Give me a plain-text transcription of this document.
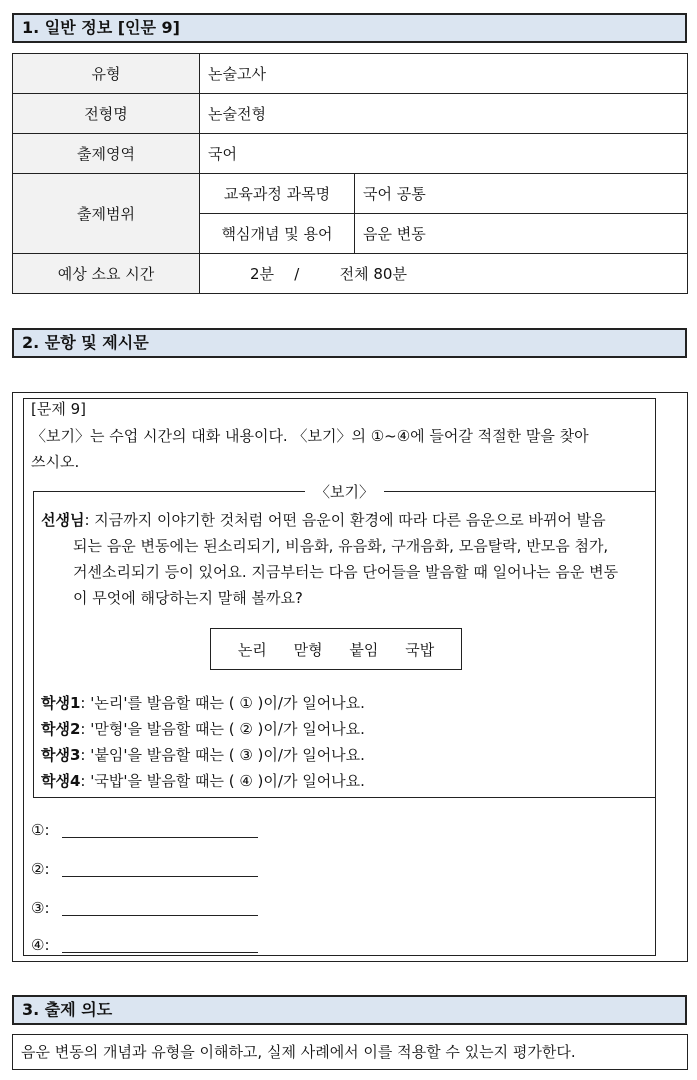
1. 일반 정보 [인문 9]
유형	논술고사	
전형명	논술전형	
출제영역	국어	
출제범위	교육과정 과목명	국어 공통
	핵심개념 및 용어	음운 변동
예상 소요 시간	2분 / 전체 80분	
2. 문항 및 제시문
[문제 9]
〈보기〉는 수업 시간의 대화 내용이다. 〈보기〉의 ①~④에 들어갈 적절한 말을 찾아
쓰시오.
〈보기〉
선생님: 지금까지 이야기한 것처럼 어떤 음운이 환경에 따라 다른 음운으로 바뀌어 발음
되는 음운 변동에는 된소리되기, 비음화, 유음화, 구개음화, 모음탈락, 반모음 첨가,
거센소리되기 등이 있어요. 지금부터는 다음 단어들을 발음할 때 일어나는 음운 변동
이 무엇에 해당하는지 말해 볼까요?
논리 맏형 붙임 국밥
학생1: '논리'를 발음할 때는 ( ① )이/가 일어나요.
학생2: '맏형'을 발음할 때는 ( ② )이/가 일어나요.
학생3: '붙임'을 발음할 때는 ( ③ )이/가 일어나요.
학생4: '국밥'을 발음할 때는 ( ④ )이/가 일어나요.
①:
②:
③:
④:
3. 출제 의도
음운 변동의 개념과 유형을 이해하고, 실제 사례에서 이를 적용할 수 있는지 평가한다.
